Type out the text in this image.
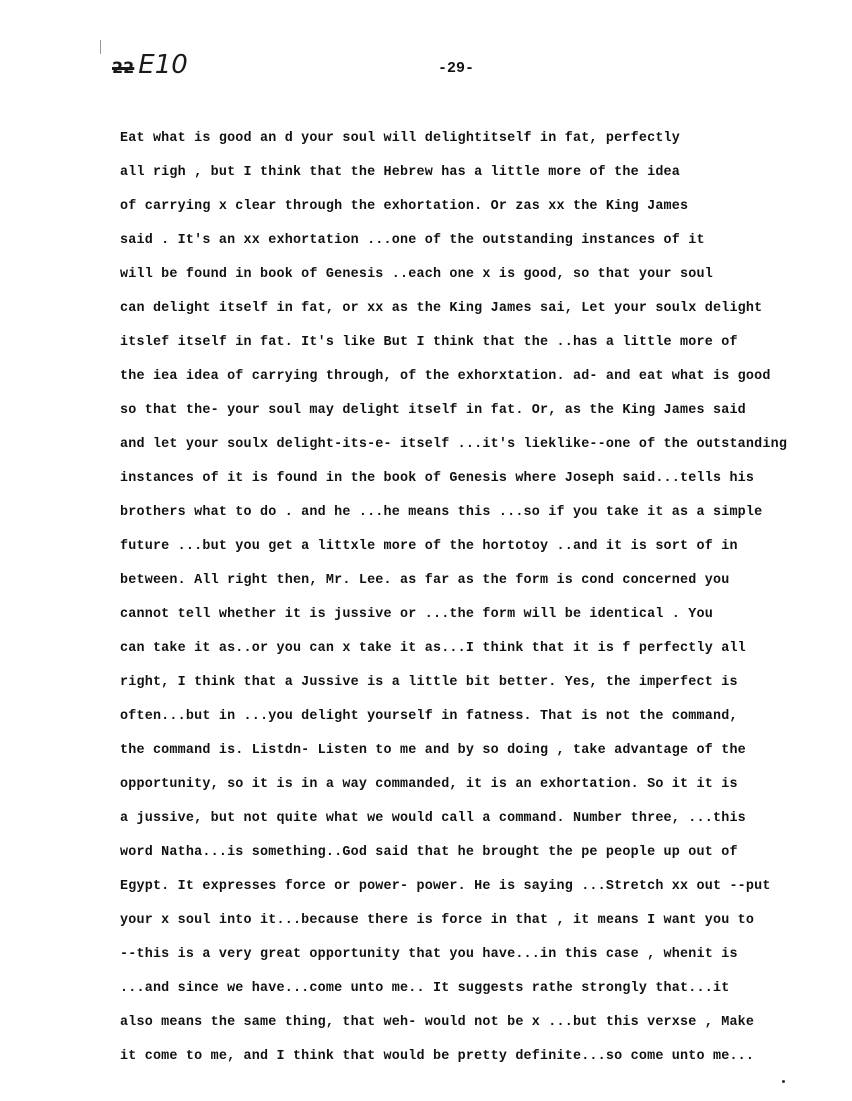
22 E10	-29-
Eat what is good an d your soul will delightitself in fat, perfectly
all righ , but I think that the Hebrew has a little more of the idea
of carrying x clear through the exhortation. Or zas xx the King James
said . It's an xx exhortation ...one of the outstanding instances of it
will be found in book of Genesis ..each one x is good, so that your soul
can delight itself in fat, or xx as the King James sai, Let your soulx delight
itslef itself in fat. It's like But I think that the ..has a little more of
the iea idea of carrying through, of the exhorxtation. ad- and eat what is good
so that the- your soul may delight itself in fat. Or, as the King James said
and let your soulx delight-its-e- itself ...it's lieklike--one of the outstanding
instances of it is found in the book of Genesis where Joseph said...tells his
brothers what to do . and he ...he means this ...so if you take it as a simple
future ...but you get a littxle more of the hortotoy ..and it is sort of in
between. All right then, Mr. Lee. as far as the form is cond concerned you
cannot tell whether it is jussive or ...the form will be identical . You
can take it as..or you can x take it as...I think that it is f perfectly all
right, I think that a Jussive is a little bit better. Yes, the imperfect is
often...but in ...you delight yourself in fatness. That is not the command,
the command is. Listdn- Listen to me and by so doing , take advantage of the
opportunity, so it is in a way commanded, it is an exhortation. So it it is
a jussive, but not quite what we would call a command. Number three, ...this
word Natha...is something..God said that he brought the pe people up out of
Egypt. It expresses force or power- power. He is saying ...Stretch xx out --put
your x soul into it...because there is force in that , it means I want you to
--this is a very great opportunity that you have...in this case , whenit is
...and since we have...come unto me.. It suggests rathe strongly that...it
also means the same thing, that weh- would not be x ...but this verxse , Make
it come to me, and I think that would be pretty definite...so come unto me...
